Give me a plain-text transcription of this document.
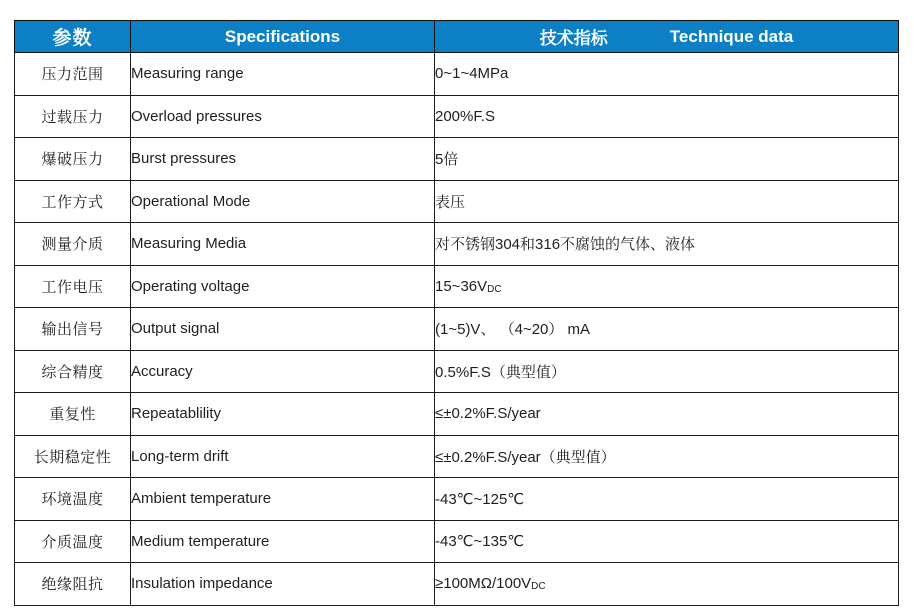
参数	Specifications	技术指标 Technique data

压力范围	Measuring range	0~1~4MPa
过载压力	Overload pressures	200%F.S
爆破压力	Burst pressures	5倍
工作方式	Operational Mode	表压
测量介质	Measuring Media	对不锈钢304和316不腐蚀的气体、液体
工作电压	Operating voltage	$15\sim 36V_{DC}$
输出信号	Output signal	(1~5)V、 （4~20） mA
综合精度	Accuracy	0.5%F.S（典型值）
重复性	Repeatablility	≤±0.2%F.S/year
长期稳定性	Long-term drift	≤±0.2%F.S/year（典型值）
环境温度	Ambient temperature	-43℃~125℃
介质温度	Medium temperature	-43℃~135℃
绝缘阻抗	Insulation impedance	$\ge 100M\Omega/100V_{DC}$
